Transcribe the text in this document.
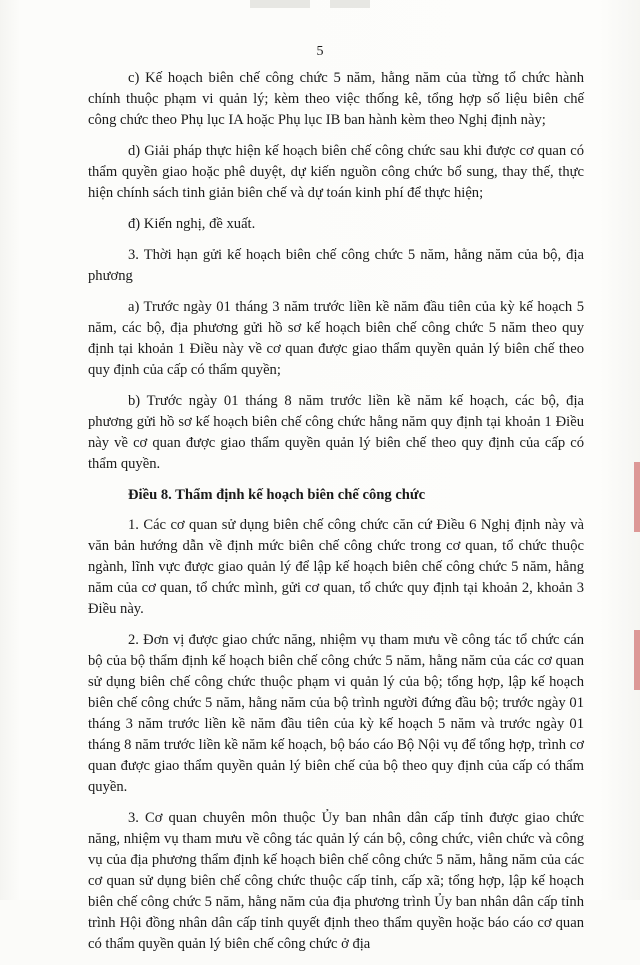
5

c) Kế hoạch biên chế công chức 5 năm, hằng năm của từng tổ chức hành chính thuộc phạm vi quản lý; kèm theo việc thống kê, tổng hợp số liệu biên chế công chức theo Phụ lục IA hoặc Phụ lục IB ban hành kèm theo Nghị định này;

d) Giải pháp thực hiện kế hoạch biên chế công chức sau khi được cơ quan có thẩm quyền giao hoặc phê duyệt, dự kiến nguồn công chức bổ sung, thay thế, thực hiện chính sách tinh giản biên chế và dự toán kinh phí để thực hiện;

đ) Kiến nghị, đề xuất.

3. Thời hạn gửi kế hoạch biên chế công chức 5 năm, hằng năm của bộ, địa phương

a) Trước ngày 01 tháng 3 năm trước liền kề năm đầu tiên của kỳ kế hoạch 5 năm, các bộ, địa phương gửi hồ sơ kế hoạch biên chế công chức 5 năm theo quy định tại khoản 1 Điều này về cơ quan được giao thẩm quyền quản lý biên chế theo quy định của cấp có thẩm quyền;

b) Trước ngày 01 tháng 8 năm trước liền kề năm kế hoạch, các bộ, địa phương gửi hồ sơ kế hoạch biên chế công chức hằng năm quy định tại khoản 1 Điều này về cơ quan được giao thẩm quyền quản lý biên chế theo quy định của cấp có thẩm quyền.

Điều 8. Thẩm định kế hoạch biên chế công chức

1. Các cơ quan sử dụng biên chế công chức căn cứ Điều 6 Nghị định này và văn bản hướng dẫn về định mức biên chế công chức trong cơ quan, tổ chức thuộc ngành, lĩnh vực được giao quản lý để lập kế hoạch biên chế công chức 5 năm, hằng năm của cơ quan, tổ chức mình, gửi cơ quan, tổ chức quy định tại khoản 2, khoản 3 Điều này.

2. Đơn vị được giao chức năng, nhiệm vụ tham mưu về công tác tổ chức cán bộ của bộ thẩm định kế hoạch biên chế công chức 5 năm, hằng năm của các cơ quan sử dụng biên chế công chức thuộc phạm vi quản lý của bộ; tổng hợp, lập kế hoạch biên chế công chức 5 năm, hằng năm của bộ trình người đứng đầu bộ; trước ngày 01 tháng 3 năm trước liền kề năm đầu tiên của kỳ kế hoạch 5 năm và trước ngày 01 tháng 8 năm trước liền kề năm kế hoạch, bộ báo cáo Bộ Nội vụ để tổng hợp, trình cơ quan được giao thẩm quyền quản lý biên chế của bộ theo quy định của cấp có thẩm quyền.

3. Cơ quan chuyên môn thuộc Ủy ban nhân dân cấp tỉnh được giao chức năng, nhiệm vụ tham mưu về công tác quản lý cán bộ, công chức, viên chức và công vụ của địa phương thẩm định kế hoạch biên chế công chức 5 năm, hằng năm của các cơ quan sử dụng biên chế công chức thuộc cấp tỉnh, cấp xã; tổng hợp, lập kế hoạch biên chế công chức 5 năm, hằng năm của địa phương trình Ủy ban nhân dân cấp tỉnh trình Hội đồng nhân dân cấp tỉnh quyết định theo thẩm quyền hoặc báo cáo cơ quan có thẩm quyền quản lý biên chế công chức ở địa
